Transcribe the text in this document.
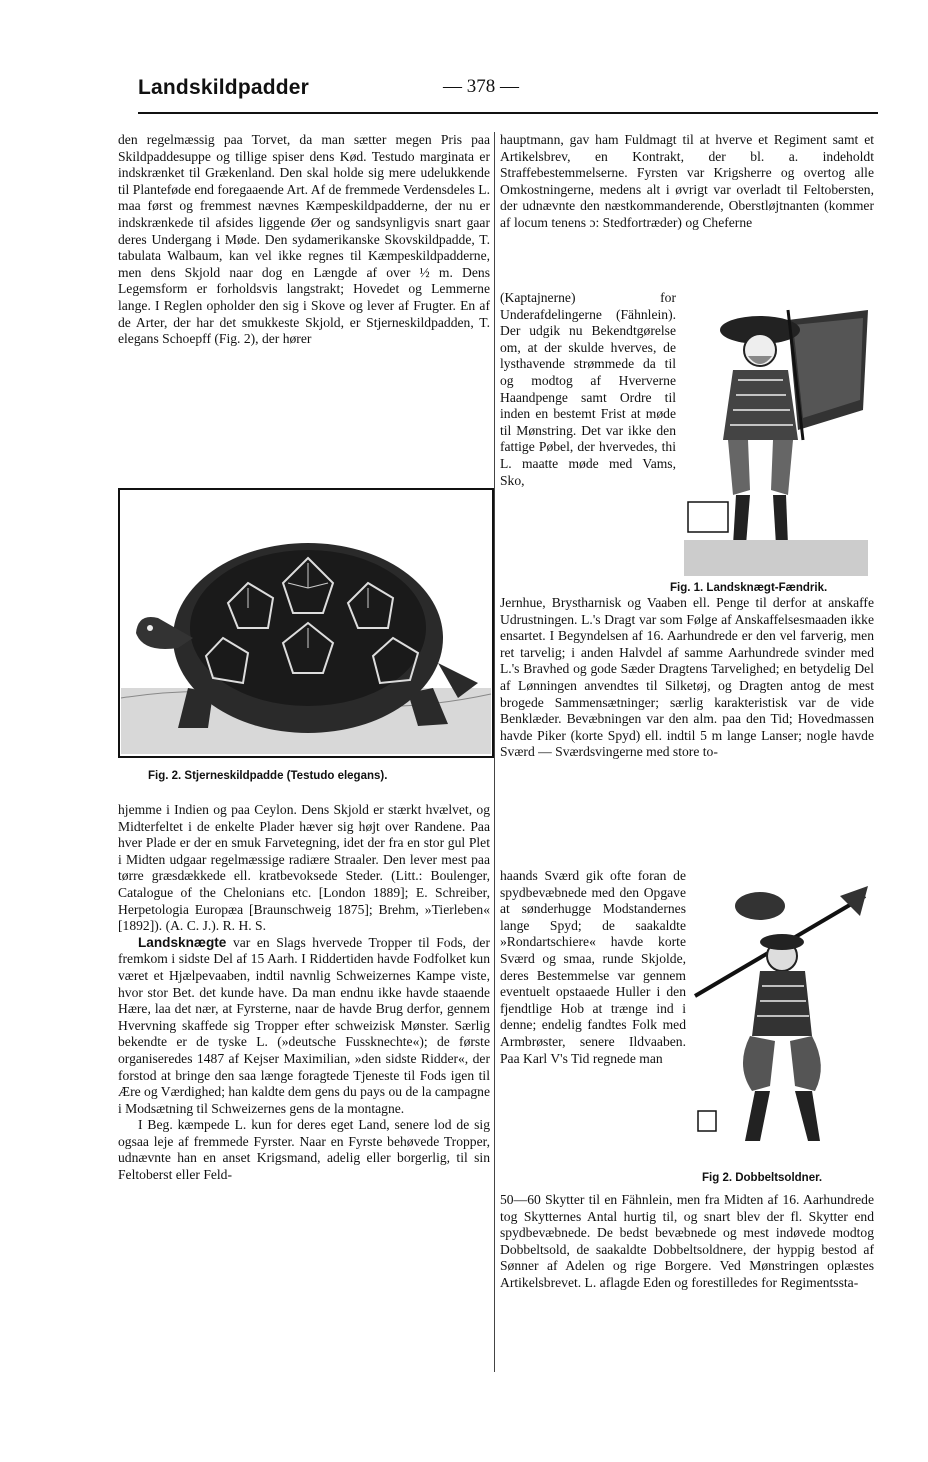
Landskildpadder	— 378 —

den regelmæssig paa Torvet, da man sætter megen Pris paa Skildpaddesuppe og tillige spiser dens Kød. Testudo marginata er indskrænket til Grækenland. Den skal holde sig mere udelukkende til Planteføde end foregaaende Art. Af de fremmede Verdensdeles L. maa først og fremmest nævnes Kæmpeskildpadderne, der nu er indskrænkede til afsides liggende Øer og sandsynligvis snart gaar deres Undergang i Møde. Den sydamerikanske Skovskildpadde, T. tabulata Walbaum, kan vel ikke regnes til Kæmpeskildpadderne, men dens Skjold naar dog en Længde af over ½ m. Dens Legemsform er forholdsvis langstrakt; Hovedet og Lemmerne lange. I Reglen opholder den sig i Skove og lever af Frugter. En af de Arter, der har det smukkeste Skjold, er Stjerneskildpadden, T. elegans Schoepff (Fig. 2), der hører

Fig. 2. Stjerneskildpadde (Testudo elegans).

hjemme i Indien og paa Ceylon. Dens Skjold er stærkt hvælvet, og Midterfeltet i de enkelte Plader hæver sig højt over Randene. Paa hver Plade er der en smuk Farvetegning, idet der fra en stor gul Plet i Midten udgaar regelmæssige radiære Straaler. Den lever mest paa tørre græsdækkede ell. kratbevoksede Steder. (Litt.: Boulenger, Catalogue of the Chelonians etc. [London 1889]; E. Schreiber, Herpetologia Europæa [Braunschweig 1875]; Brehm, »Tierleben« [1892]). (A. C. J.). R. H. S.

Landsknægte var en Slags hvervede Tropper til Fods, der fremkom i sidste Del af 15 Aarh. I Riddertiden havde Fodfolket kun været et Hjælpevaaben, indtil navnlig Schweizernes Kampe viste, hvor stor Bet. det kunde have. Da man endnu ikke havde staaende Hære, laa det nær, at Fyrsterne, naar de havde Brug derfor, gennem Hvervning skaffede sig Tropper efter schweizisk Mønster. Særlig bekendte er de tyske L. (»deutsche Fussknechte«); de første organiseredes 1487 af Kejser Maximilian, »den sidste Ridder«, der forstod at bringe den saa længe foragtede Tjeneste til Fods igen til Ære og Værdighed; han kaldte dem gens du pays ou de la campagne i Modsætning til Schweizernes gens de la montagne.

I Beg. kæmpede L. kun for deres eget Land, senere lod de sig ogsaa leje af fremmede Fyrster. Naar en Fyrste behøvede Tropper, udnævnte han en anset Krigsmand, adelig eller borgerlig, til sin Feltoberst eller Feld-

hauptmann, gav ham Fuldmagt til at hverve et Regiment samt et Artikelsbrev, en Kontrakt, der bl. a. indeholdt Straffebestemmelserne. Fyrsten var Krigsherre og overtog alle Omkostningerne, medens alt i øvrigt var overladt til Feltobersten, der udnævnte den næstkommanderende, Oberstløjtnanten (kommer af locum tenens ɔ: Stedfortræder) og Cheferne

(Kaptajnerne) for Underafdelingerne (Fähnlein). Der udgik nu Bekendtgørelse om, at der skulde hverves, de lysthavende strømmede da til og modtog af Hververne Haandpenge samt Ordre til inden en bestemt Frist at møde til Mønstring. Det var ikke den fattige Pøbel, der hvervedes, thi L. maatte møde med Vams, Sko,

Fig. 1. Landsknægt-Fændrik.

Jernhue, Brystharnisk og Vaaben ell. Penge til derfor at anskaffe Udrustningen. L.'s Dragt var som Følge af Anskaffelsesmaaden ikke ensartet. I Begyndelsen af 16. Aarhundrede er den vel farverig, men ret tarvelig; i anden Halvdel af samme Aarhundrede svinder med L.'s Bravhed og gode Sæder Dragtens Tarvelighed; en betydelig Del af Lønningen anvendtes til Silketøj, og Dragten antog de mest brogede Sammensætninger; særlig karakteristisk var de vide Benklæder. Bevæbningen var den alm. paa den Tid; Hovedmassen havde Piker (korte Spyd) ell. indtil 5 m lange Lanser; nogle havde Sværd — Sværdsvingerne med store to-

haands Sværd gik ofte foran de spydbevæbnede med den Opgave at sønderhugge Modstandernes lange Spyd; de saakaldte »Rondartschiere« havde korte Sværd og smaa, runde Skjolde, deres Bestemmelse var gennem eventuelt opstaaede Huller i den fjendtlige Hob at trænge ind i denne; endelig fandtes Folk med Armbrøster, senere Ildvaaben. Paa Karl V's Tid regnede man

Fig 2. Dobbeltsoldner.

50—60 Skytter til en Fähnlein, men fra Midten af 16. Aarhundrede tog Skytternes Antal hurtig til, og snart blev der fl. Skytter end spydbevæbnede. De bedst bevæbnede og mest indøvede modtog Dobbeltsold, de saakaldte Dobbeltsoldnere, der hyppig bestod af Sønner af Adelen og rige Borgere. Ved Mønstringen oplæstes Artikelsbrevet. L. aflagde Eden og forestilledes for Regimentssta-
